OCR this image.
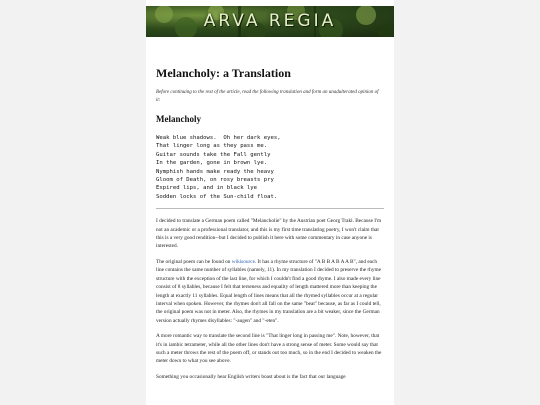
ARVA REGIA
Melancholy: a Translation

Before continuing to the rest of the article, read the following translation and form an unadulterated opinion of it:

Melancholy
Weak blue shadows.  Oh her dark eyes,
That linger long as they pass me.
Guitar sounds take the Fall gently
In the garden, gone in brown lye.
Nymphish hands make ready the heavy
Gloom of Death, on rosy breasts pry
Expired lips, and in black lye
Sodden locks of the Sun-child float.

I decided to translate a German poem called "Melancholie" by the Austrian poet Georg Trakl. Because I'm not an academic or a professional translator, and this is my first time translating poetry, I won't claim that this is a very good rendition--but I decided to publish it here with some commentary in case anyone is interested.

The original poem can be found on wikisource. It has a rhyme structure of "A B B A B A A B", and each line contains the same number of syllables (namely, 11). In my translation I decided to preserve the rhyme structure with the exception of the last line, for which I couldn't find a good rhyme. I also made every line consist of 8 syllables, because I felt that terseness and equality of length mattered more than keeping the length at exactly 11 syllables. Equal length of lines means that all the rhymed syllables occur at a regular interval when spoken. However, the rhymes don't all fall on the same "beat" because, as far as I could tell, the original poem was not in meter. Also, the rhymes in my translation are a bit weaker, since the German version actually rhymes disyllables: "-augen" and "-eten".

A more romantic way to translate the second line is "That linger long in passing me". Note, however, that it's in iambic tetrameter, while all the other lines don't have a strong sense of meter. Some would say that such a meter throws the rest of the poem off, or stands out too much, so in the end I decided to weaken the meter down to what you see above.

Something you occasionally hear English writers boast about is the fact that our language
